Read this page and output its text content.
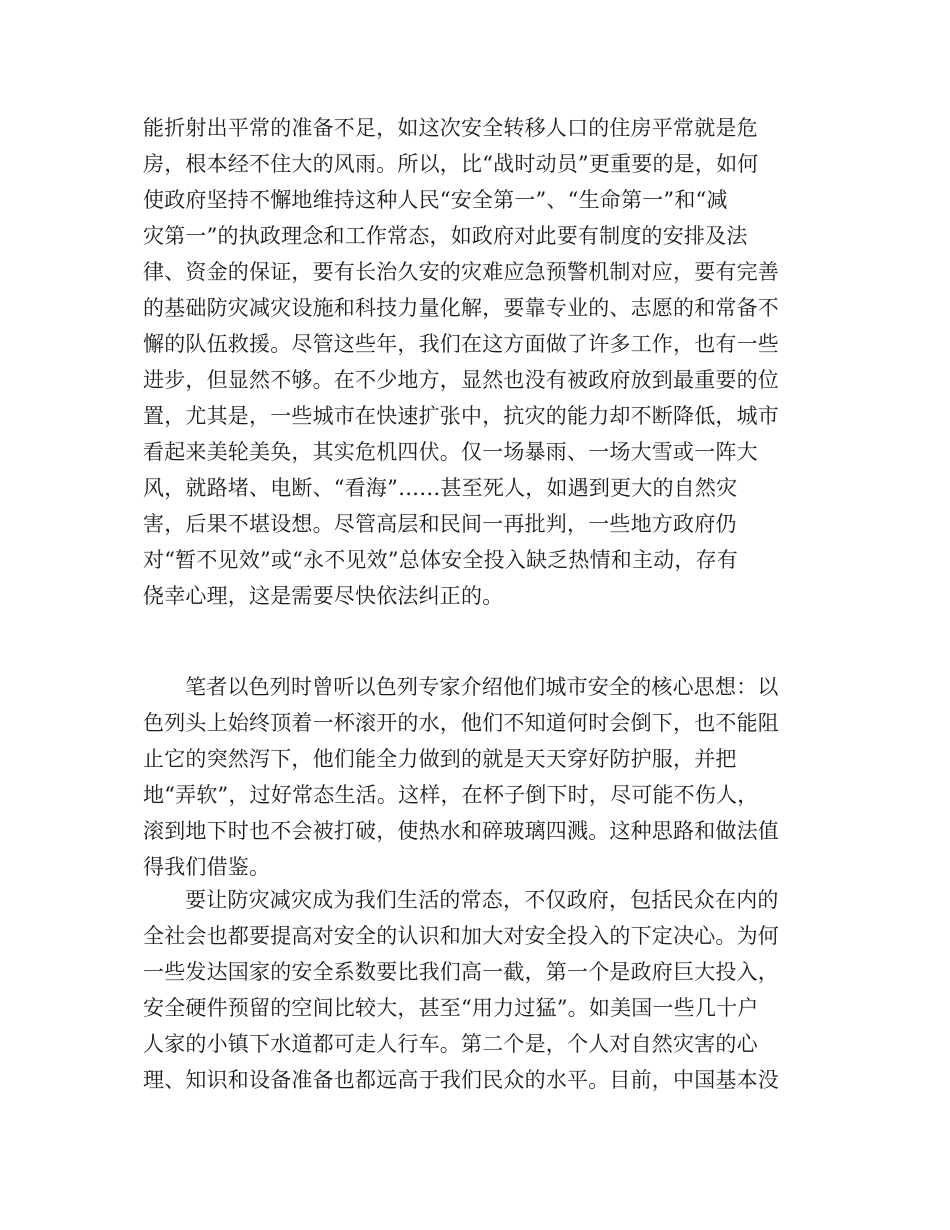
能折射出平常的准备不足，如这次安全转移人口的住房平常就是危
房，根本经不住大的风雨。所以，比“战时动员”更重要的是，如何
使政府坚持不懈地维持这种人民“安全第一”、“生命第一”和“减
灾第一”的执政理念和工作常态，如政府对此要有制度的安排及法
律、资金的保证，要有长治久安的灾难应急预警机制对应，要有完善
的基础防灾减灾设施和科技力量化解，要靠专业的、志愿的和常备不
懈的队伍救援。尽管这些年，我们在这方面做了许多工作，也有一些
进步，但显然不够。在不少地方，显然也没有被政府放到最重要的位
置，尤其是，一些城市在快速扩张中，抗灾的能力却不断降低，城市
看起来美轮美奂，其实危机四伏。仅一场暴雨、一场大雪或一阵大
风，就路堵、电断、“看海”……甚至死人，如遇到更大的自然灾
害，后果不堪设想。尽管高层和民间一再批判，一些地方政府仍
对“暂不见效”或“永不见效”总体安全投入缺乏热情和主动，存有
侥幸心理，这是需要尽快依法纠正的。
笔者以色列时曾听以色列专家介绍他们城市安全的核心思想：以
色列头上始终顶着一杯滚开的水，他们不知道何时会倒下，也不能阻
止它的突然泻下，他们能全力做到的就是天天穿好防护服，并把
地“弄软”，过好常态生活。这样，在杯子倒下时，尽可能不伤人，
滚到地下时也不会被打破，使热水和碎玻璃四溅。这种思路和做法值
得我们借鉴。
要让防灾减灾成为我们生活的常态，不仅政府，包括民众在内的
全社会也都要提高对安全的认识和加大对安全投入的下定决心。为何
一些发达国家的安全系数要比我们高一截，第一个是政府巨大投入，
安全硬件预留的空间比较大，甚至“用力过猛”。如美国一些几十户
人家的小镇下水道都可走人行车。第二个是，个人对自然灾害的心
理、知识和设备准备也都远高于我们民众的水平。目前，中国基本没
